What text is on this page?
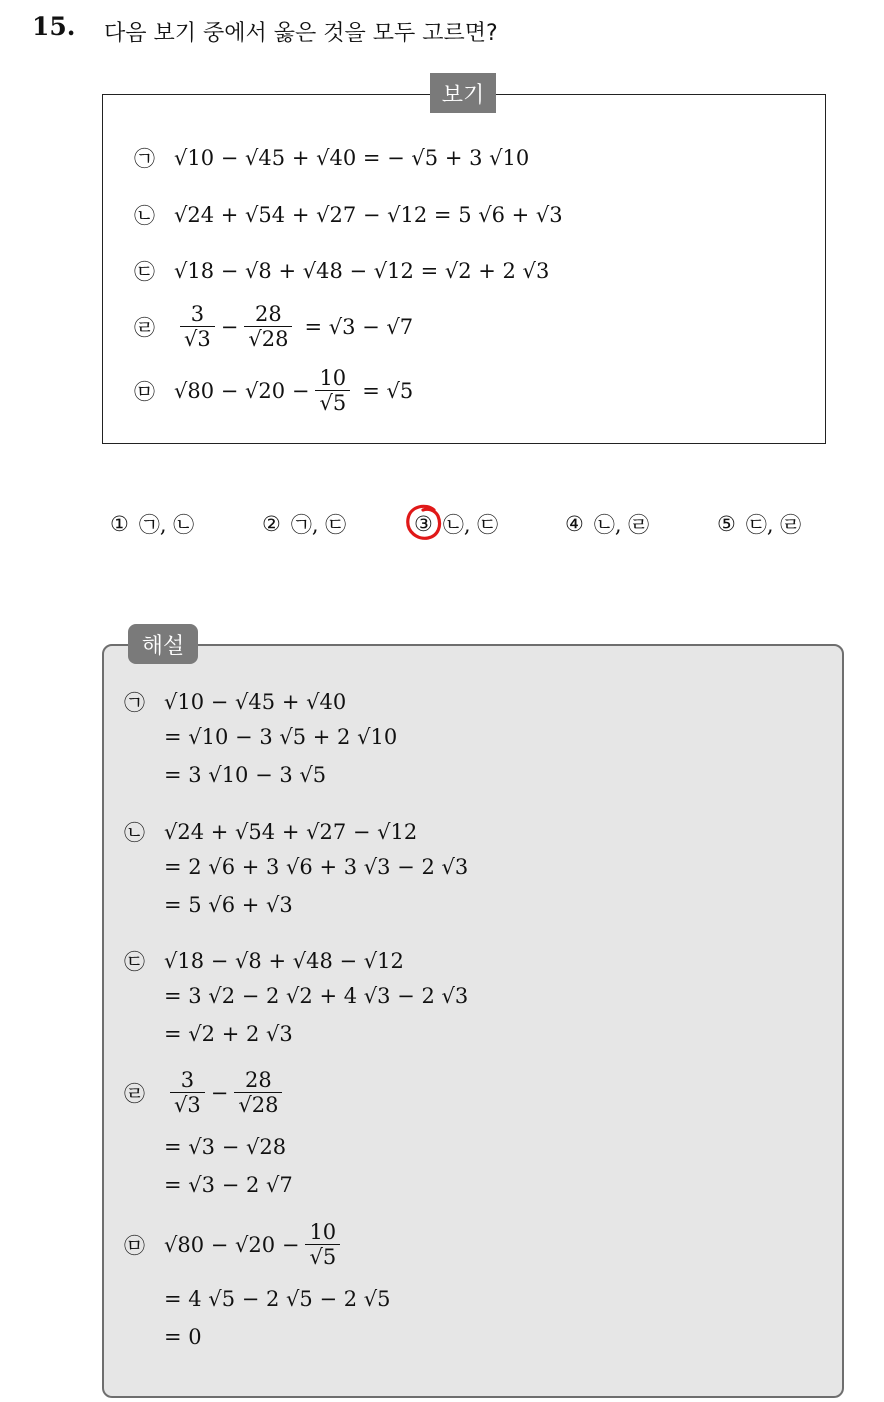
15. 다음 보기 중에서 옳은 것을 모두 고르면?
보기
㉠ √10 − √45 + √40 = − √5 + 3 √10
㉡ √24 + √54 + √27 − √12 = 5 √6 + √3
㉢ √18 − √8 + √48 − √12 = √2 + 2 √3
㉣	$\frac{3}{√3} - \frac{28}{√28} = √3 - √7$
㉤ $√80 - √20 - \frac{10}{√5} = √5$
① ㉠, ㉡	② ㉠, ㉢	③ ㉡, ㉢	④ ㉡, ㉣	⑤ ㉢, ㉣
해설
㉠ √10 − √45 + √40
= √10 − 3 √5 + 2 √10
= 3 √10 − 3 √5
㉡ √24 + √54 + √27 − √12
= 2 √6 + 3 √6 + 3 √3 − 2 √3
= 5 √6 + √3
㉢ √18 − √8 + √48 − √12
= 3 √2 − 2 √2 + 4 √3 − 2 √3
= √2 + 2 √3
㉣	$\frac{3}{√3} - \frac{28}{√28}$
= √3 − √28
= √3 − 2 √7
㉤ $√80 - √20 - \frac{10}{√5}$
= 4 √5 − 2 √5 − 2 √5
= 0
